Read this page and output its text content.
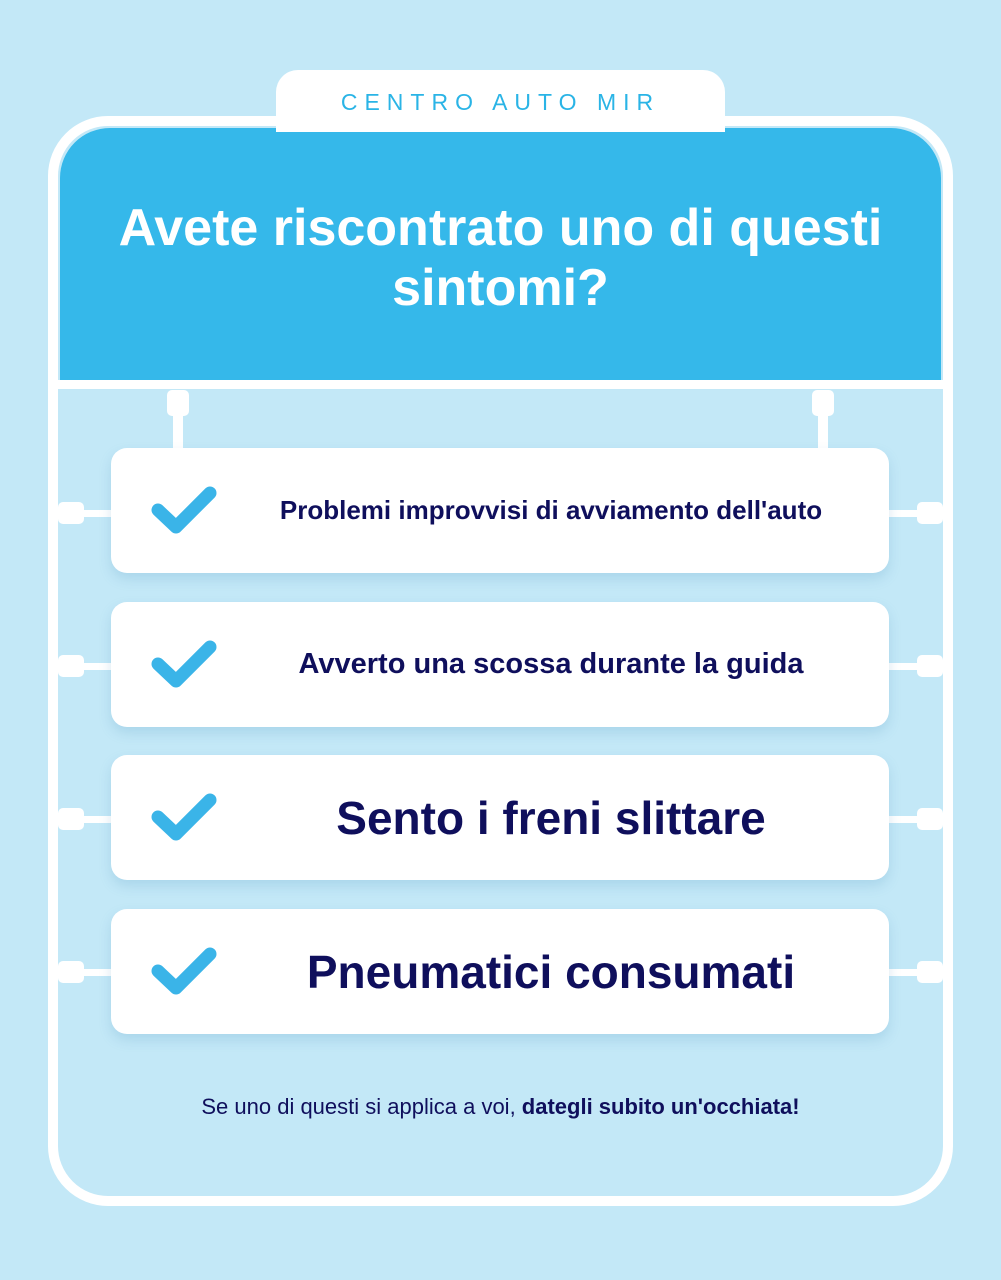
CENTRO AUTO MIR
Avete riscontrato uno di questi sintomi?
Problemi improvvisi di avviamento dell'auto
Avverto una scossa durante la guida
Sento i freni slittare
Pneumatici consumati
Se uno di questi si applica a voi, dategli subito un'occhiata!
